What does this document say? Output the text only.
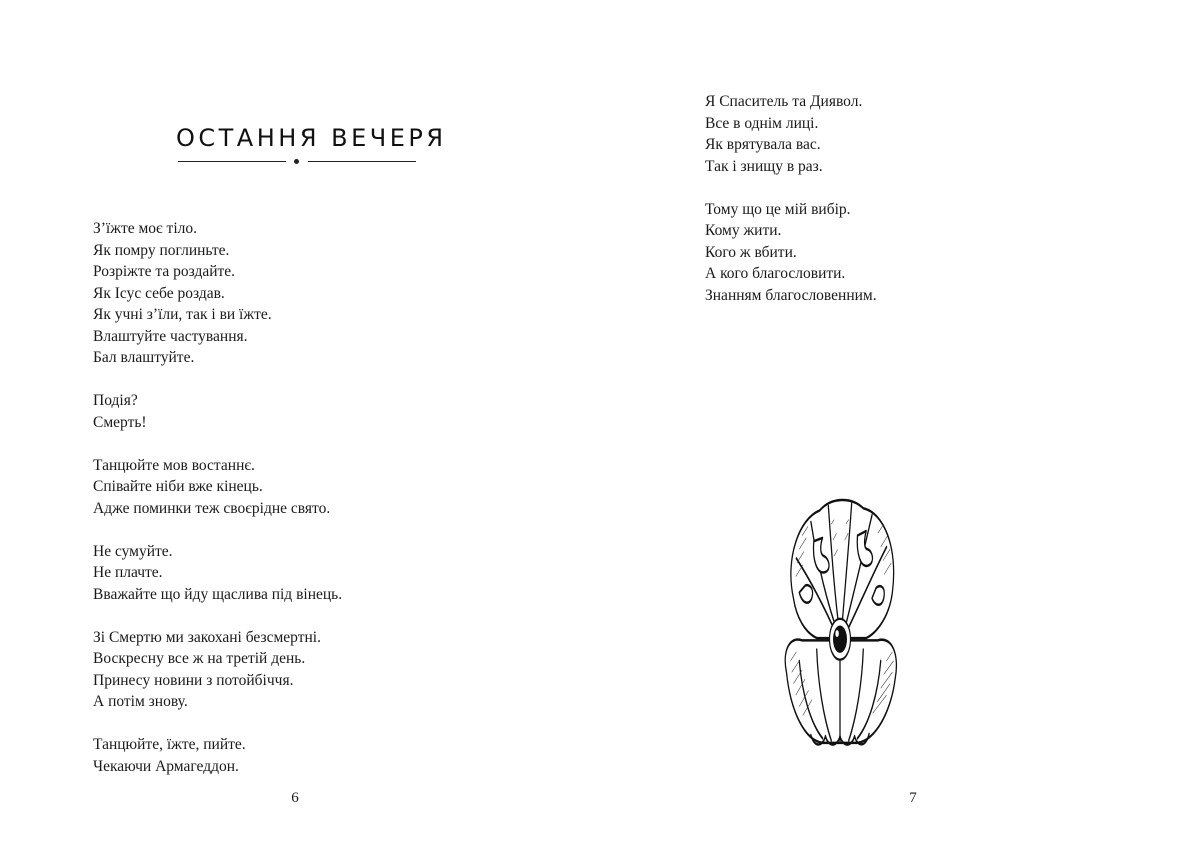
ОСТАННЯ ВЕЧЕРЯ
З’їжте моє тіло.
Як помру поглиньте.
Розріжте та роздайте.
Як Ісус себе роздав.
Як учні з’їли, так і ви їжте.
Влаштуйте частування.
Бал влаштуйте.
Подія?
Смерть!
Танцюйте мов востаннє.
Співайте ніби вже кінець.
Адже поминки теж своєрідне свято.
Не сумуйте.
Не плачте.
Вважайте що йду щаслива під вінець.
Зі Смертю ми закохані безсмертні.
Воскресну все ж на третій день.
Принесу новини з потойбіччя.
А потім знову.
Танцюйте, їжте, пийте.
Чекаючи Армагеддон.
6
Я Спаситель та Диявол.
Все в однім лиці.
Як врятувала вас.
Так і знищу в раз.
Тому що це мій вибір.
Кому жити.
Кого ж вбити.
А кого благословити.
Знанням благословенним.
7
